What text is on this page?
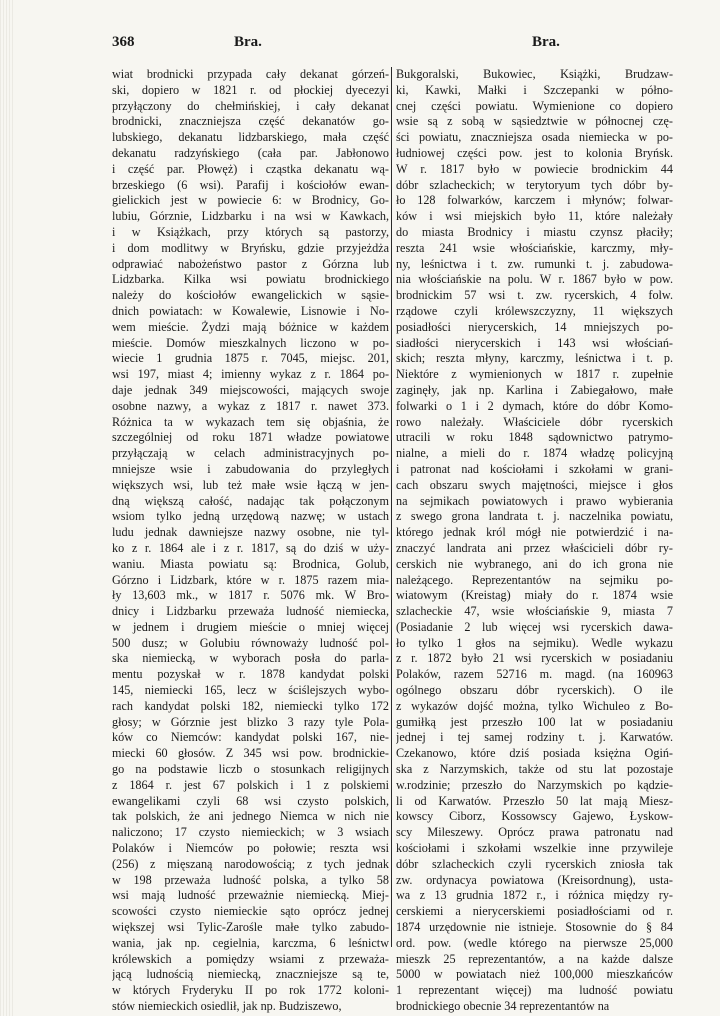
368	Bra.	Bra.
wiat brodnicki przypada cały dekanat górzeń-
ski, dopiero w 1821 r. od płockiej dyecezyi
przyłączony do chełmińskiej, i cały dekanat
brodnicki, znaczniejsza część dekanatów go-
lubskiego, dekanatu lidzbarskiego, mała część
dekanatu radzyńskiego (cała par. Jabłonowo
i część par. Płowęż) i cząstka dekanatu wą-
brzeskiego (6 wsi). Parafij i kościołów ewan-
gielickich jest w powiecie 6: w Brodnicy, Go-
lubiu, Górznie, Lidzbarku i na wsi w Kawkach,
i w Książkach, przy których są pastorzy,
i dom modlitwy w Bryńsku, gdzie przyjeżdża
odprawiać nabożeństwo pastor z Górzna lub
Lidzbarka. Kilka wsi powiatu brodnickiego
należy do kościołów ewangelickich w sąsie-
dnich powiatach: w Kowalewie, Lisnowie i No-
wem mieście. Żydzi mają bóżnice w każdem
mieście. Domów mieszkalnych liczono w po-
wiecie 1 grudnia 1875 r. 7045, miejsc. 201,
wsi 197, miast 4; imienny wykaz z r. 1864 po-
daje jednak 349 miejscowości, mających swoje
osobne nazwy, a wykaz z 1817 r. nawet 373.
Różnica ta w wykazach tem się objaśnia, że
szczególniej od roku 1871 władze powiatowe
przyłączają w celach administracyjnych po-
mniejsze wsie i zabudowania do przyległych
większych wsi, lub też małe wsie łączą w jen-
dną większą całość, nadając tak połączonym
wsiom tylko jedną urzędową nazwę; w ustach
ludu jednak dawniejsze nazwy osobne, nie tyl-
ko z r. 1864 ale i z r. 1817, są do dziś w uży-
waniu. Miasta powiatu są: Brodnica, Golub,
Górzno i Lidzbark, które w r. 1875 razem mia-
ły 13,603 mk., w 1817 r. 5076 mk. W Bro-
dnicy i Lidzbarku przeważa ludność niemiecka,
w jednem i drugiem mieście o mniej więcej
500 dusz; w Golubiu równoważy ludność pol-
ska niemiecką, w wyborach posła do parla-
mentu pozyskał w r. 1878 kandydat polski
145, niemiecki 165, lecz w ściślejszych wybo-
rach kandydat polski 182, niemiecki tylko 172
głosy; w Górznie jest blizko 3 razy tyle Pola-
ków co Niemców: kandydat polski 167, nie-
miecki 60 głosów. Z 345 wsi pow. brodnickie-
go na podstawie liczb o stosunkach religijnych
z 1864 r. jest 67 polskich i 1 z polskiemi
ewangelikami czyli 68 wsi czysto polskich,
tak polskich, że ani jednego Niemca w nich nie
naliczono; 17 czysto niemieckich; w 3 wsiach
Polaków i Niemców po połowie; reszta wsi
(256) z mięszaną narodowością; z tych jednak
w 198 przeważa ludność polska, a tylko 58
wsi mają ludność przeważnie niemiecką. Miej-
scowości czysto niemieckie sąto oprócz jednej
większej wsi Tylic-Zarośle małe tylko zabudo-
wania, jak np. cegielnia, karczma, 6 leśnictw
królewskich a pomiędzy wsiami z przeważa-
jącą ludnością niemiecką, znaczniejsze są te,
w których Fryderyku II po rok 1772 koloni-
stów niemieckich osiedlił, jak np. Budziszewo,
Bukgoralski, Bukowiec, Książki, Brudzaw-
ki, Kawki, Małki i Szczepanki w półno-
cnej części powiatu. Wymienione co dopiero
wsie są z sobą w sąsiedztwie w północnej czę-
ści powiatu, znaczniejsza osada niemiecka w po-
łudniowej części pow. jest to kolonia Bryńsk.
W r. 1817 było w powiecie brodnickim 44
dóbr szlacheckich; w terytoryum tych dóbr by-
ło 128 folwarków, karczem i młynów; folwar-
ków i wsi miejskich było 11, które należały
do miasta Brodnicy i miastu czynsz płaciły;
reszta 241 wsie włościańskie, karczmy, mły-
ny, leśnictwa i t. zw. rumunki t. j. zabudowa-
nia włościańskie na polu. W r. 1867 było w pow.
brodnickim 57 wsi t. zw. rycerskich, 4 folw.
rządowe czyli królewszczyzny, 11 większych
posiadłości nierycerskich, 14 mniejszych po-
siadłości nierycerskich i 143 wsi włościań-
skich; reszta młyny, karczmy, leśnictwa i t. p.
Niektóre z wymienionych w 1817 r. zupełnie
zaginęły, jak np. Karlina i Zabiegałowo, małe
folwarki o 1 i 2 dymach, które do dóbr Komo-
rowo należały. Właściciele dóbr rycerskich
utracili w roku 1848 sądownictwo patrymo-
nialne, a mieli do r. 1874 władzę policyjną
i patronat nad kościołami i szkołami w grani-
cach obszaru swych majętności, miejsce i głos
na sejmikach powiatowych i prawo wybierania
z swego grona landrata t. j. naczelnika powiatu,
którego jednak król mógł nie potwierdzić i na-
znaczyć landrata ani przez właścicieli dóbr ry-
cerskich nie wybranego, ani do ich grona nie
należącego. Reprezentantów na sejmiku po-
wiatowym (Kreistag) miały do r. 1874 wsie
szlacheckie 47, wsie włościańskie 9, miasta 7
(Posiadanie 2 lub więcej wsi rycerskich dawa-
ło tylko 1 głos na sejmiku). Wedle wykazu
z r. 1872 było 21 wsi rycerskich w posiadaniu
Polaków, razem 52716 m. magd. (na 160963
ogólnego obszaru dóbr rycerskich). O ile
z wykazów dojść można, tylko Wichuleo z Bo-
gumiłką jest przeszło 100 lat w posiadaniu
jednej i tej samej rodziny t. j. Karwatów.
Czekanowo, które dziś posiada księżna Ogiń-
ska z Narzymskich, także od stu lat pozostaje
w.rodzinie; przeszło do Narzymskich po kądzie-
li od Karwatów. Przeszło 50 lat mają Miesz-
kowscy Ciborz, Kossowscy Gajewo, Łyskow-
scy Mileszewy. Oprócz prawa patronatu nad
kościołami i szkołami wszelkie inne przywileje
dóbr szlacheckich czyli rycerskich zniosła tak
zw. ordynacya powiatowa (Kreisordnung), usta-
wa z 13 grudnia 1872 r., i różnica między ry-
cerskiemi a nierycerskiemi posiadłościami od r.
1874 urzędownie nie istnieje. Stosownie do § 84
ord. pow. (wedle którego na pierwsze 25,000
mieszk 25 reprezentantów, a na każde dalsze
5000 w powiatach nież 100,000 mieszkańców
1 reprezentant więcej) ma ludność powiatu
brodnickiego obecnie 34 reprezentantów na
